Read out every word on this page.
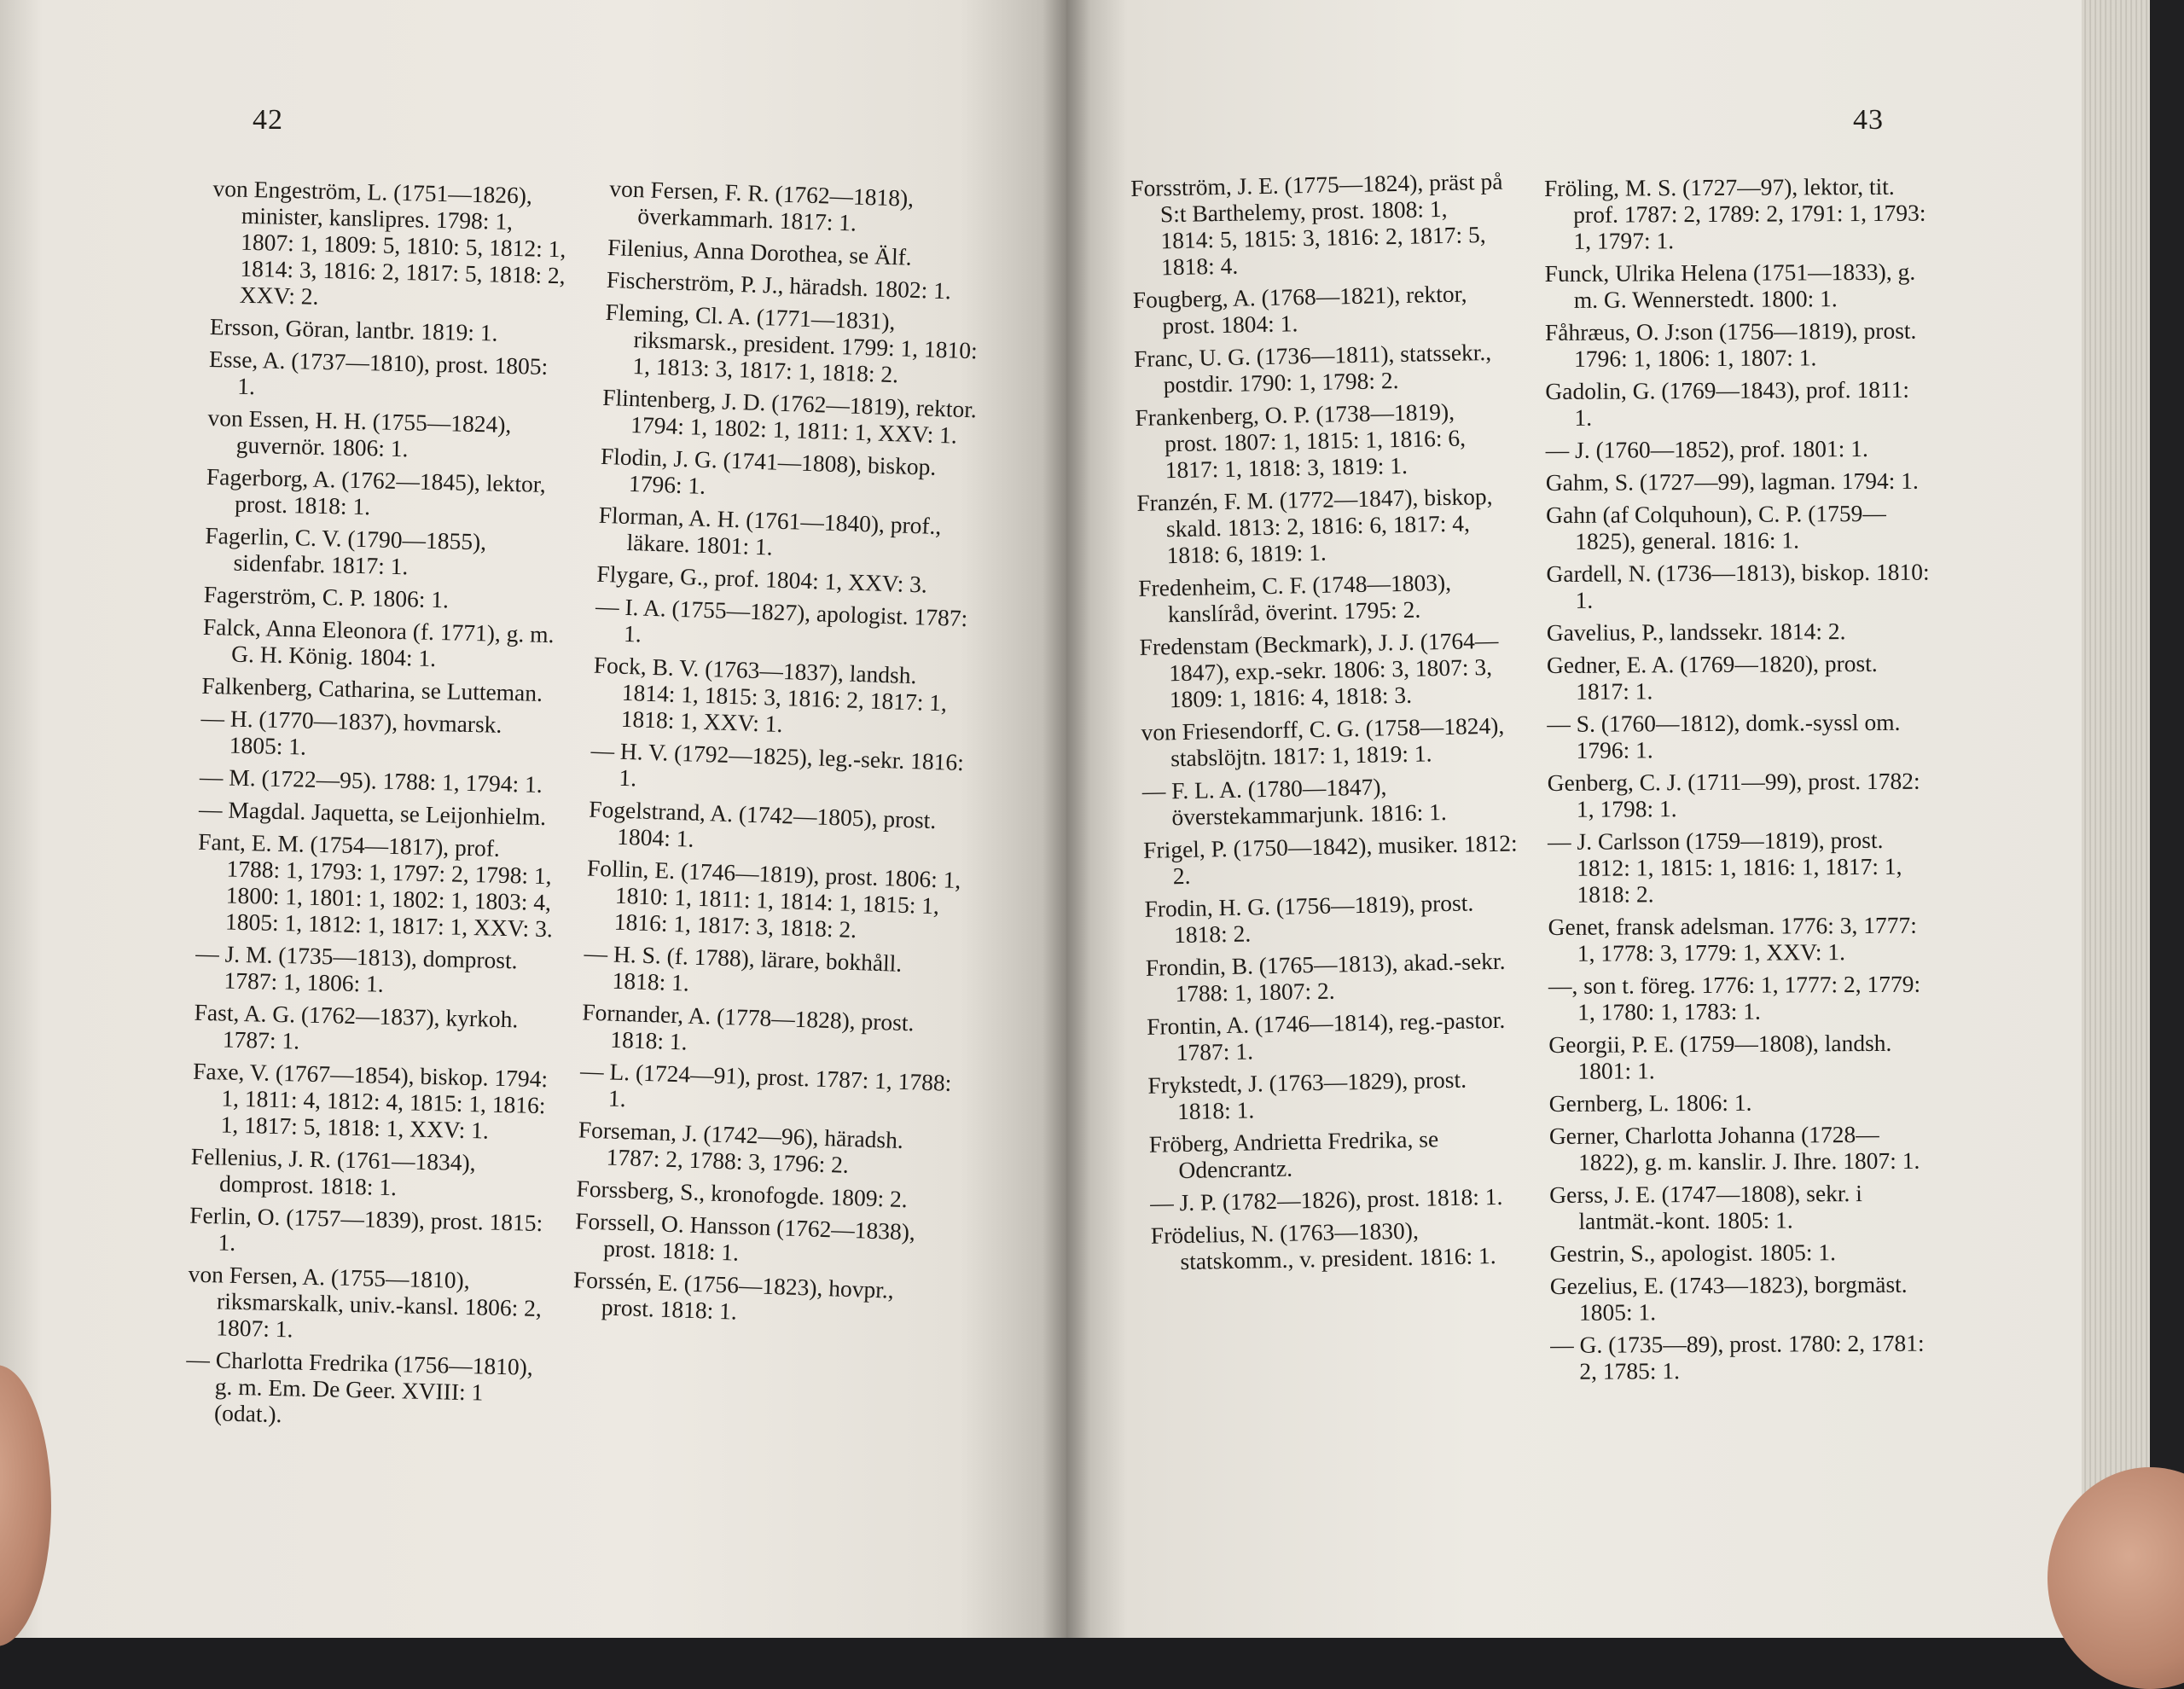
42
von Engeström, L. (1751—1826), minister, kanslipres. 1798: 1, 1807: 1, 1809: 5, 1810: 5, 1812: 1, 1814: 3, 1816: 2, 1817: 5, 1818: 2, XXV: 2.
Ersson, Göran, lantbr. 1819: 1.
Esse, A. (1737—1810), prost. 1805: 1.
von Essen, H. H. (1755—1824), guvernör. 1806: 1.
Fagerborg, A. (1762—1845), lektor, prost. 1818: 1.
Fagerlin, C. V. (1790—1855), sidenfabr. 1817: 1.
Fagerström, C. P. 1806: 1.
Falck, Anna Eleonora (f. 1771), g. m. G. H. König. 1804: 1.
Falkenberg, Catharina, se Lutteman.
— H. (1770—1837), hovmarsk. 1805: 1.
— M. (1722—95). 1788: 1, 1794: 1.
— Magdal. Jaquetta, se Leijonhielm.
Fant, E. M. (1754—1817), prof. 1788: 1, 1793: 1, 1797: 2, 1798: 1, 1800: 1, 1801: 1, 1802: 1, 1803: 4, 1805: 1, 1812: 1, 1817: 1, XXV: 3.
— J. M. (1735—1813), domprost. 1787: 1, 1806: 1.
Fast, A. G. (1762—1837), kyrkoh. 1787: 1.
Faxe, V. (1767—1854), biskop. 1794: 1, 1811: 4, 1812: 4, 1815: 1, 1816: 1, 1817: 5, 1818: 1, XXV: 1.
Fellenius, J. R. (1761—1834), domprost. 1818: 1.
Ferlin, O. (1757—1839), prost. 1815: 1.
von Fersen, A. (1755—1810), riksmarskalk, univ.-kansl. 1806: 2, 1807: 1.
— Charlotta Fredrika (1756—1810), g. m. Em. De Geer. XVIII: 1 (odat.).
von Fersen, F. R. (1762—1818), överkammarh. 1817: 1.
Filenius, Anna Dorothea, se Älf.
Fischerström, P. J., häradsh. 1802: 1.
Fleming, Cl. A. (1771—1831), riksmarsk., president. 1799: 1, 1810: 1, 1813: 3, 1817: 1, 1818: 2.
Flintenberg, J. D. (1762—1819), rektor. 1794: 1, 1802: 1, 1811: 1, XXV: 1.
Flodin, J. G. (1741—1808), biskop. 1796: 1.
Florman, A. H. (1761—1840), prof., läkare. 1801: 1.
Flygare, G., prof. 1804: 1, XXV: 3.
— I. A. (1755—1827), apologist. 1787: 1.
Fock, B. V. (1763—1837), landsh. 1814: 1, 1815: 3, 1816: 2, 1817: 1, 1818: 1, XXV: 1.
— H. V. (1792—1825), leg.-sekr. 1816: 1.
Fogelstrand, A. (1742—1805), prost. 1804: 1.
Follin, E. (1746—1819), prost. 1806: 1, 1810: 1, 1811: 1, 1814: 1, 1815: 1, 1816: 1, 1817: 3, 1818: 2.
— H. S. (f. 1788), lärare, bokhåll. 1818: 1.
Fornander, A. (1778—1828), prost. 1818: 1.
— L. (1724—91), prost. 1787: 1, 1788: 1.
Forseman, J. (1742—96), häradsh. 1787: 2, 1788: 3, 1796: 2.
Forssberg, S., kronofogde. 1809: 2.
Forssell, O. Hansson (1762—1838), prost. 1818: 1.
Forssén, E. (1756—1823), hovpr., prost. 1818: 1.
43
Forsström, J. E. (1775—1824), präst på S:t Barthelemy, prost. 1808: 1, 1814: 5, 1815: 3, 1816: 2, 1817: 5, 1818: 4.
Fougberg, A. (1768—1821), rektor, prost. 1804: 1.
Franc, U. G. (1736—1811), statssekr., postdir. 1790: 1, 1798: 2.
Frankenberg, O. P. (1738—1819), prost. 1807: 1, 1815: 1, 1816: 6, 1817: 1, 1818: 3, 1819: 1.
Franzén, F. M. (1772—1847), biskop, skald. 1813: 2, 1816: 6, 1817: 4, 1818: 6, 1819: 1.
Fredenheim, C. F. (1748—1803), kanslíråd, överint. 1795: 2.
Fredenstam (Beckmark), J. J. (1764—1847), exp.-sekr. 1806: 3, 1807: 3, 1809: 1, 1816: 4, 1818: 3.
von Friesendorff, C. G. (1758—1824), stabslöjtn. 1817: 1, 1819: 1.
— F. L. A. (1780—1847), överstekammarjunk. 1816: 1.
Frigel, P. (1750—1842), musiker. 1812: 2.
Frodin, H. G. (1756—1819), prost. 1818: 2.
Frondin, B. (1765—1813), akad.-sekr. 1788: 1, 1807: 2.
Frontin, A. (1746—1814), reg.-pastor. 1787: 1.
Frykstedt, J. (1763—1829), prost. 1818: 1.
Fröberg, Andrietta Fredrika, se Odencrantz.
— J. P. (1782—1826), prost. 1818: 1.
Frödelius, N. (1763—1830), statskomm., v. president. 1816: 1.
Fröling, M. S. (1727—97), lektor, tit. prof. 1787: 2, 1789: 2, 1791: 1, 1793: 1, 1797: 1.
Funck, Ulrika Helena (1751—1833), g. m. G. Wennerstedt. 1800: 1.
Fåhræus, O. J:son (1756—1819), prost. 1796: 1, 1806: 1, 1807: 1.
Gadolin, G. (1769—1843), prof. 1811: 1.
— J. (1760—1852), prof. 1801: 1.
Gahm, S. (1727—99), lagman. 1794: 1.
Gahn (af Colquhoun), C. P. (1759—1825), general. 1816: 1.
Gardell, N. (1736—1813), biskop. 1810: 1.
Gavelius, P., landssekr. 1814: 2.
Gedner, E. A. (1769—1820), prost. 1817: 1.
— S. (1760—1812), domk.-syssl om. 1796: 1.
Genberg, C. J. (1711—99), prost. 1782: 1, 1798: 1.
— J. Carlsson (1759—1819), prost. 1812: 1, 1815: 1, 1816: 1, 1817: 1, 1818: 2.
Genet, fransk adelsman. 1776: 3, 1777: 1, 1778: 3, 1779: 1, XXV: 1.
—, son t. föreg. 1776: 1, 1777: 2, 1779: 1, 1780: 1, 1783: 1.
Georgii, P. E. (1759—1808), landsh. 1801: 1.
Gernberg, L. 1806: 1.
Gerner, Charlotta Johanna (1728—1822), g. m. kanslir. J. Ihre. 1807: 1.
Gerss, J. E. (1747—1808), sekr. i lantmät.-kont. 1805: 1.
Gestrin, S., apologist. 1805: 1.
Gezelius, E. (1743—1823), borgmäst. 1805: 1.
— G. (1735—89), prost. 1780: 2, 1781: 2, 1785: 1.
